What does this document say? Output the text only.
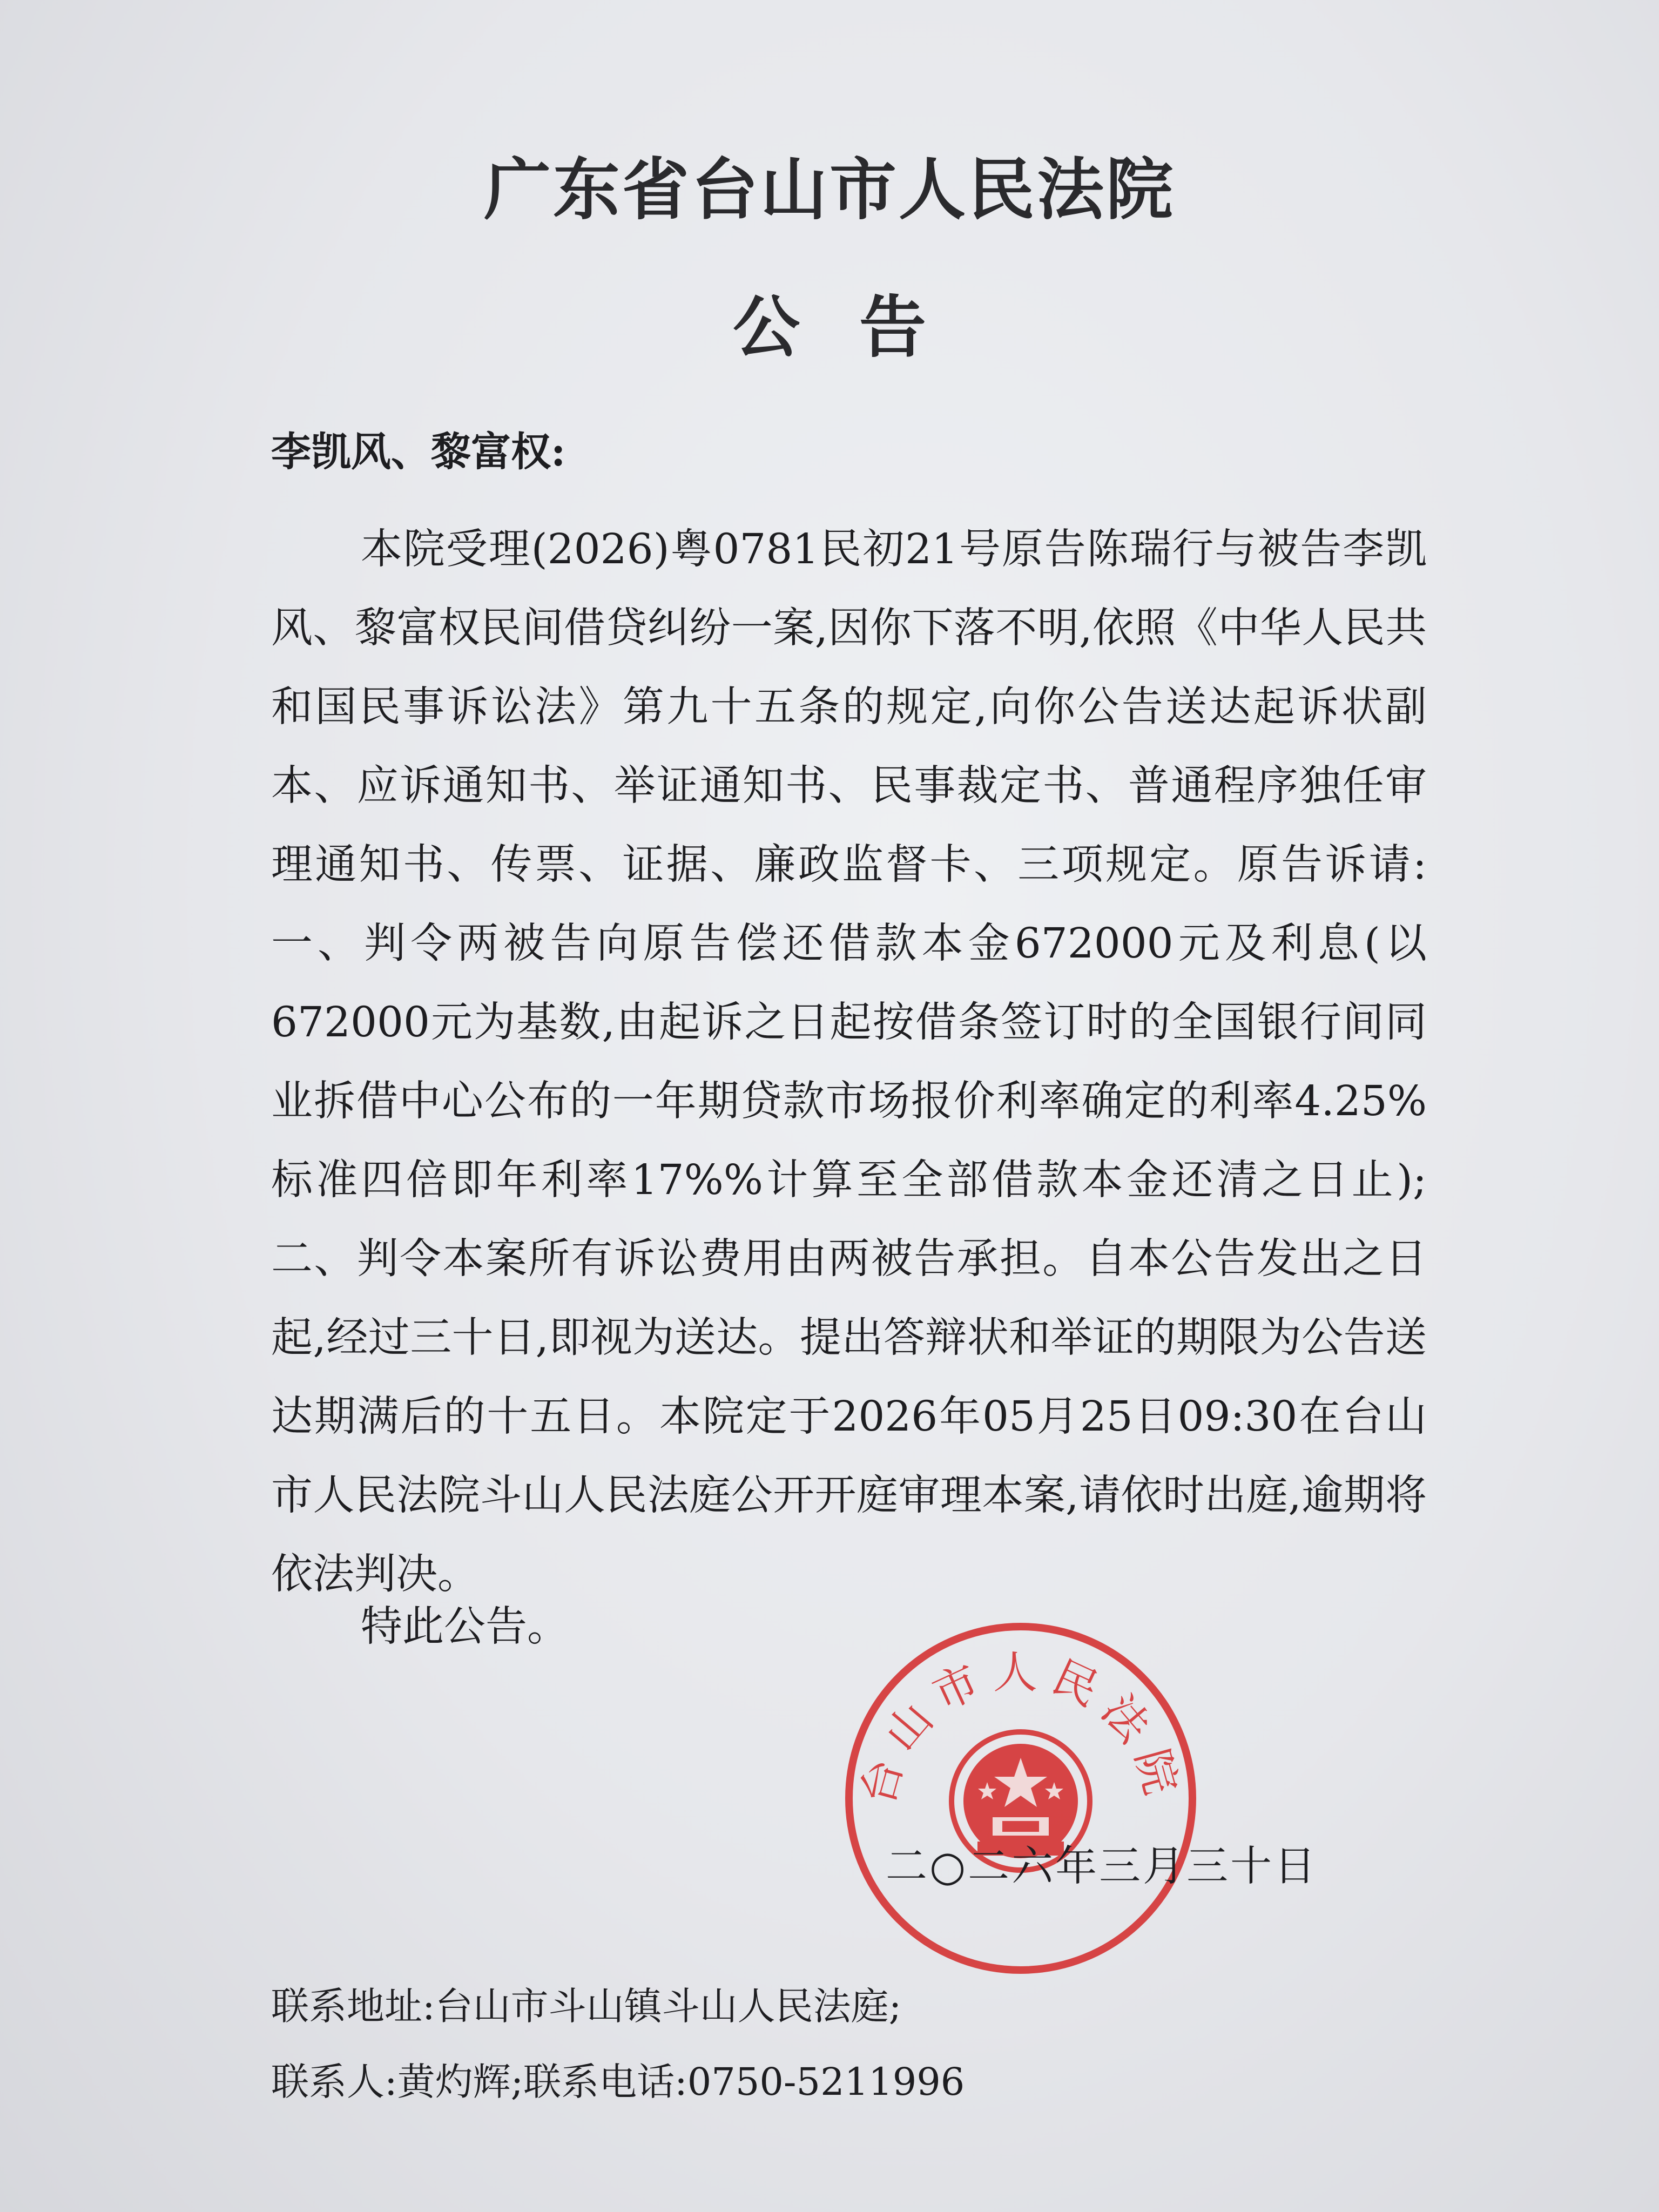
广东省台山市人民法院
公告
李凯风、黎富权:

本院受理(2026)粤0781民初21号原告陈瑞行与被告李凯风、黎富权民间借贷纠纷一案,因你下落不明,依照《中华人民共和国民事诉讼法》第九十五条的规定,向你公告送达起诉状副本、应诉通知书、举证通知书、民事裁定书、普通程序独任审理通知书、传票、证据、廉政监督卡、三项规定。原告诉请:一、判令两被告向原告偿还借款本金672000元及利息(以672000元为基数,由起诉之日起按借条签订时的全国银行间同业拆借中心公布的一年期贷款市场报价利率确定的利率4.25%标准四倍即年利率17%%计算至全部借款本金还清之日止);二、判令本案所有诉讼费用由两被告承担。自本公告发出之日起,经过三十日,即视为送达。提出答辩状和举证的期限为公告送达期满后的十五日。本院定于2026年05月25日09:30在台山市人民法院斗山人民法庭公开开庭审理本案,请依时出庭,逾期将依法判决。

特此公告。
台山市人民法院
二○二六年三月三十日
联系地址:台山市斗山镇斗山人民法庭;
联系人:黄灼辉;联系电话:0750-5211996
